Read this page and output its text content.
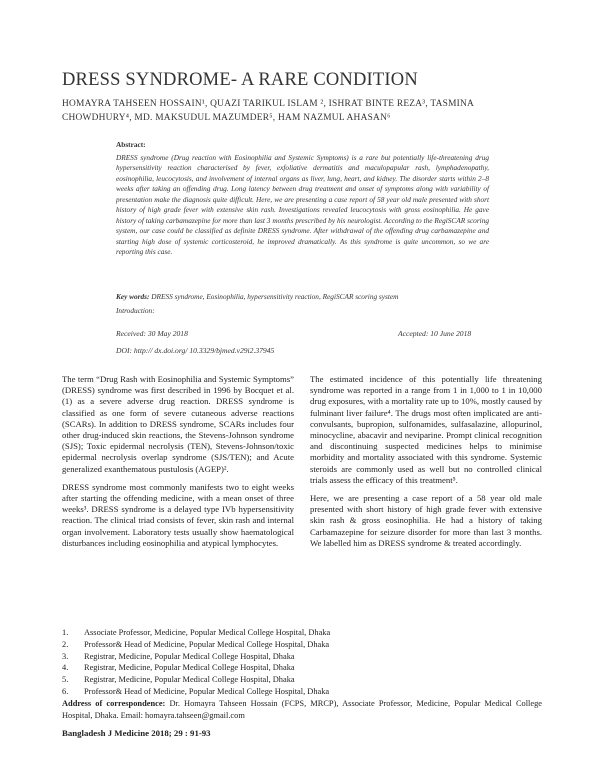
DRESS SYNDROME- A RARE CONDITION
HOMAYRA TAHSEEN HOSSAIN¹, QUAZI TARIKUL ISLAM ², ISHRAT BINTE REZA³, TASMINA CHOWDHURY⁴, MD. MAKSUDUL MAZUMDER⁵, HAM NAZMUL AHASAN⁶
Abstract:
DRESS syndrome (Drug reaction with Eosinophilia and Systemic Symptoms) is a rare but potentially life-threatening drug hypersensitivity reaction characterised by fever, exfoliative dermatitis and maculopapular rash, lymphadenopathy, eosinophilia, leucocytosis, and involvement of internal organs as liver, lung, heart, and kidney. The disorder starts within 2–8 weeks after taking an offending drug. Long latency between drug treatment and onset of symptoms along with variability of presentation make the diagnosis quite difficult. Here, we are presenting a case report of 58 year old male presented with short history of high grade fever with extensive skin rash. Investigations revealed leucocytosis with gross eosinophilia. He gave history of taking carbamazepine for more than last 3 months prescribed by his neurologist. According to the RegiSCAR scoring system, our case could be classified as definite DRESS syndrome. After withdrawal of the offending drug carbamazepine and starting high dose of systemic corticosteroid, he improved dramatically. As this syndrome is quite uncommon, so we are reporting this case.
Key words: DRESS syndrome, Eosinophilia, hypersensitivity reaction, RegiSCAR scoring system
Introduction:
Received: 30 May 2018	Accepted: 10 June 2018
DOI: http:// dx.doi.org/ 10.3329/bjmed.v29i2.37945

The term “Drug Rash with Eosinophilia and Systemic Symptoms” (DRESS) syndrome was first described in 1996 by Bocquet et al. (1) as a severe adverse drug reaction. DRESS syndrome is classified as one form of severe cutaneous adverse reactions (SCARs). In addition to DRESS syndrome, SCARs includes four other drug-induced skin reactions, the Stevens-Johnson syndrome (SJS); Toxic epidermal necrolysis (TEN), Stevens-Johnson/toxic epidermal necrolysis overlap syndrome (SJS/TEN); and Acute generalized exanthematous pustulosis (AGEP)².

DRESS syndrome most commonly manifests two to eight weeks after starting the offending medicine, with a mean onset of three weeks³. DRESS syndrome is a delayed type IVb hypersensitivity reaction. The clinical triad consists of fever, skin rash and internal organ involvement. Laboratory tests usually show haematological disturbances including eosinophilia and atypical lymphocytes.

The estimated incidence of this potentially life threatening syndrome was reported in a range from 1 in 1,000 to 1 in 10,000 drug exposures, with a mortality rate up to 10%, mostly caused by fulminant liver failure⁴. The drugs most often implicated are anti-convulsants, bupropion, sulfonamides, sulfasalazine, allopurinol, minocycline, abacavir and neviparine. Prompt clinical recognition and discontinuing suspected medicines helps to minimise morbidity and mortality associated with this syndrome. Systemic steroids are commonly used as well but no controlled clinical trials assess the efficacy of this treatment⁵.

Here, we are presenting a case report of a 58 year old male presented with short history of high grade fever with extensive skin rash & gross eosinophilia. He had a history of taking Carbamazepine for seizure disorder for more than last 3 months. We labelled him as DRESS syndrome & treated accordingly.

1.	Associate Professor, Medicine, Popular Medical College Hospital, Dhaka
2.	Professor& Head of Medicine, Popular Medical College Hospital, Dhaka
3.	Registrar, Medicine, Popular Medical College Hospital, Dhaka
4.	Registrar, Medicine, Popular Medical College Hospital, Dhaka
5.	Registrar, Medicine, Popular Medical College Hospital, Dhaka
6.	Professor& Head of Medicine, Popular Medical College Hospital, Dhaka
Address of correspondence: Dr. Homayra Tahseen Hossain (FCPS, MRCP), Associate Professor, Medicine, Popular Medical College Hospital, Dhaka. Email: homayra.tahseen@gmail.com
Bangladesh J Medicine 2018; 29 : 91-93
